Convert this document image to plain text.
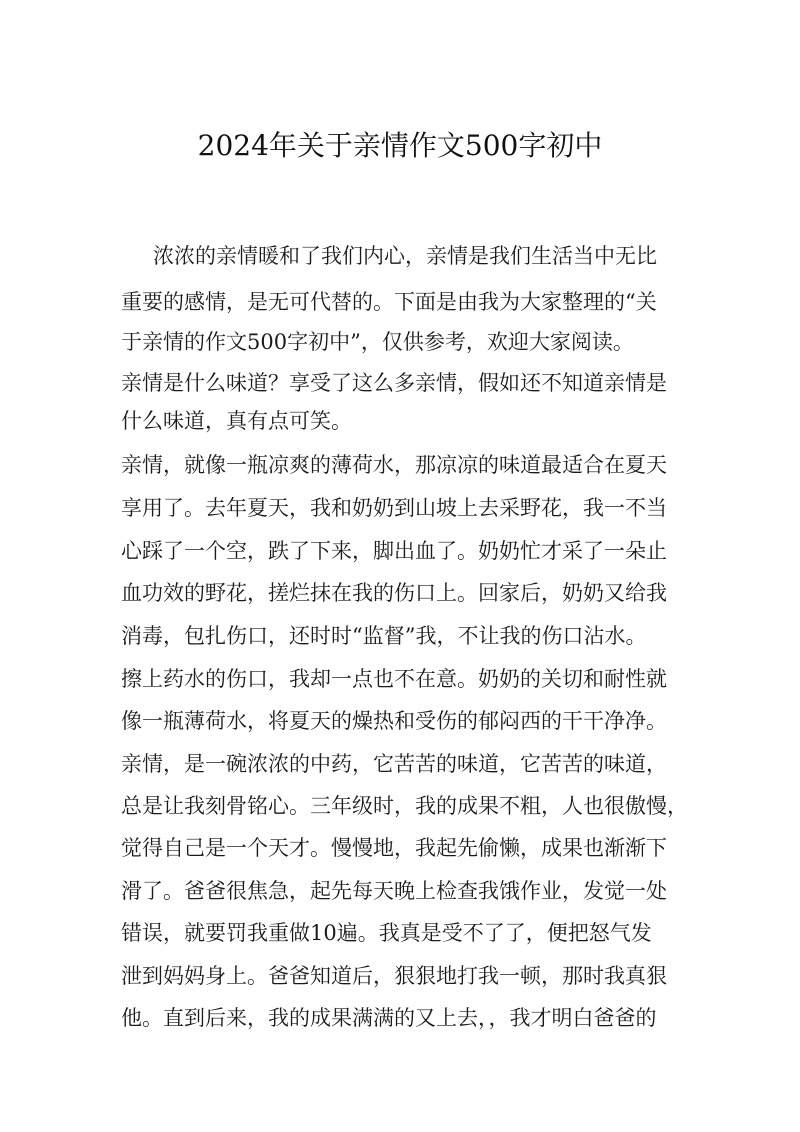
2024年关于亲情作文500字初中
浓浓的亲情暖和了我们内心，亲情是我们生活当中无比
重要的感情，是无可代替的。下面是由我为大家整理的“关
于亲情的作文500字初中”，仅供参考，欢迎大家阅读。
亲情是什么味道？享受了这么多亲情，假如还不知道亲情是
什么味道，真有点可笑。
亲情，就像一瓶凉爽的薄荷水，那凉凉的味道最适合在夏天
享用了。去年夏天，我和奶奶到山坡上去采野花，我一不当
心踩了一个空，跌了下来，脚出血了。奶奶忙才采了一朵止
血功效的野花，搓烂抹在我的伤口上。回家后，奶奶又给我
消毒，包扎伤口，还时时“监督”我，不让我的伤口沾水。
擦上药水的伤口，我却一点也不在意。奶奶的关切和耐性就
像一瓶薄荷水，将夏天的燥热和受伤的郁闷西的干干净净。
亲情，是一碗浓浓的中药，它苦苦的味道，它苦苦的味道，
总是让我刻骨铭心。三年级时，我的成果不粗，人也很傲慢，
觉得自己是一个天才。慢慢地，我起先偷懒，成果也渐渐下
滑了。爸爸很焦急，起先每天晚上检查我饿作业，发觉一处
错误，就要罚我重做10遍。我真是受不了了，便把怒气发
泄到妈妈身上。爸爸知道后，狠狠地打我一顿，那时我真狠
他。直到后来，我的成果满满的又上去，，我才明白爸爸的
